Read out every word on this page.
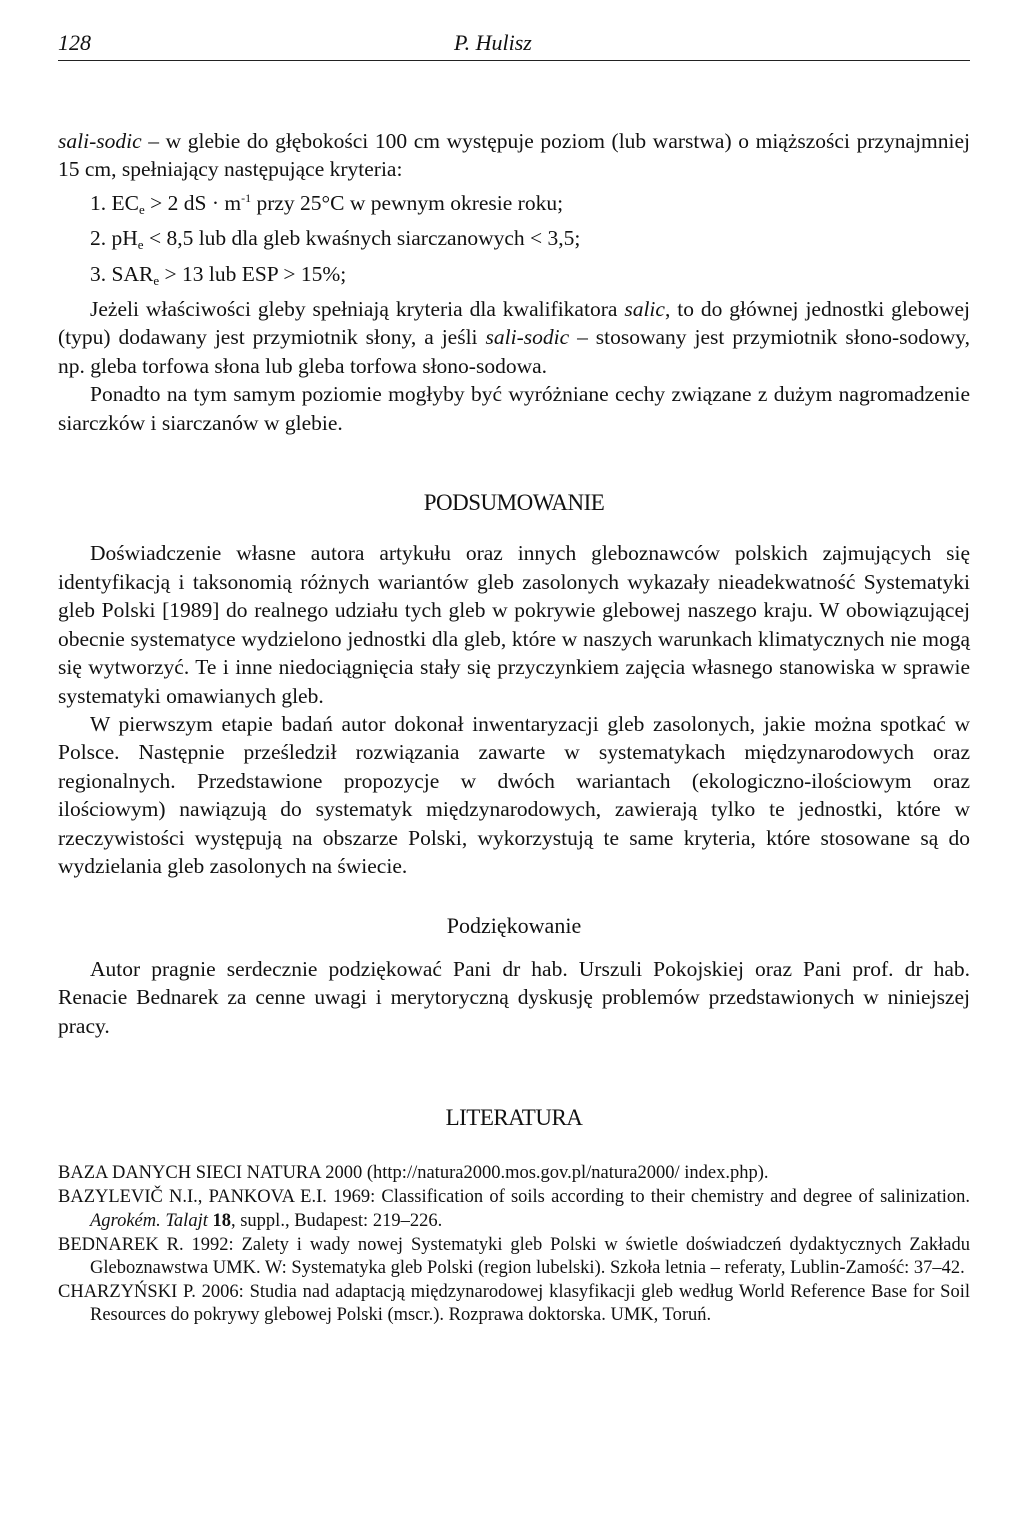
128	P. Hulisz

sali-sodic – w glebie do głębokości 100 cm występuje poziom (lub warstwa) o miąższości przynajmniej 15 cm, spełniający następujące kryteria:

1. $EC_e > 2$ dS · $m^{-1}$ przy 25°C w pewnym okresie roku;
2. $pH_e < 8,5$ lub dla gleb kwaśnych siarczanowych < 3,5;
3. $SAR_e > 13$ lub ESP > 15%;

Jeżeli właściwości gleby spełniają kryteria dla kwalifikatora salic, to do głównej jednostki glebowej (typu) dodawany jest przymiotnik słony, a jeśli sali-sodic – stosowany jest przymiotnik słono-sodowy, np. gleba torfowa słona lub gleba torfowa słono-sodowa.

Ponadto na tym samym poziomie mogłyby być wyróżniane cechy związane z dużym nagromadzenie siarczków i siarczanów w glebie.

PODSUMOWANIE

Doświadczenie własne autora artykułu oraz innych gleboznawców polskich zajmujących się identyfikacją i taksonomią różnych wariantów gleb zasolonych wykazały nieadekwatność Systematyki gleb Polski [1989] do realnego udziału tych gleb w pokrywie glebowej naszego kraju. W obowiązującej obecnie systematyce wydzielono jednostki dla gleb, które w naszych warunkach klimatycznych nie mogą się wytworzyć. Te i inne niedociągnięcia stały się przyczynkiem zajęcia własnego stanowiska w sprawie systematyki omawianych gleb.

W pierwszym etapie badań autor dokonał inwentaryzacji gleb zasolonych, jakie można spotkać w Polsce. Następnie prześledził rozwiązania zawarte w systematykach międzynarodowych oraz regionalnych. Przedstawione propozycje w dwóch wariantach (ekologiczno-ilościowym oraz ilościowym) nawiązują do systematyk międzynarodowych, zawierają tylko te jednostki, które w rzeczywistości występują na obszarze Polski, wykorzystują te same kryteria, które stosowane są do wydzielania gleb zasolonych na świecie.

Podziękowanie

Autor pragnie serdecznie podziękować Pani dr hab. Urszuli Pokojskiej oraz Pani prof. dr hab. Renacie Bednarek za cenne uwagi i merytoryczną dyskusję problemów przedstawionych w niniejszej pracy.

LITERATURA

BAZA DANYCH SIECI NATURA 2000 (http://natura2000.mos.gov.pl/natura2000/ index.php).

BAZYLEVIČ N.I., PANKOVA E.I. 1969: Classification of soils according to their chemistry and degree of salinization. Agrokém. Talajt 18, suppl., Budapest: 219–226.

BEDNAREK R. 1992: Zalety i wady nowej Systematyki gleb Polski w świetle doświadczeń dydaktycznych Zakładu Gleboznawstwa UMK. W: Systematyka gleb Polski (region lubelski). Szkoła letnia – referaty, Lublin-Zamość: 37–42.

CHARZYŃSKI P. 2006: Studia nad adaptacją międzynarodowej klasyfikacji gleb według World Reference Base for Soil Resources do pokrywy glebowej Polski (mscr.). Rozprawa doktorska. UMK, Toruń.
